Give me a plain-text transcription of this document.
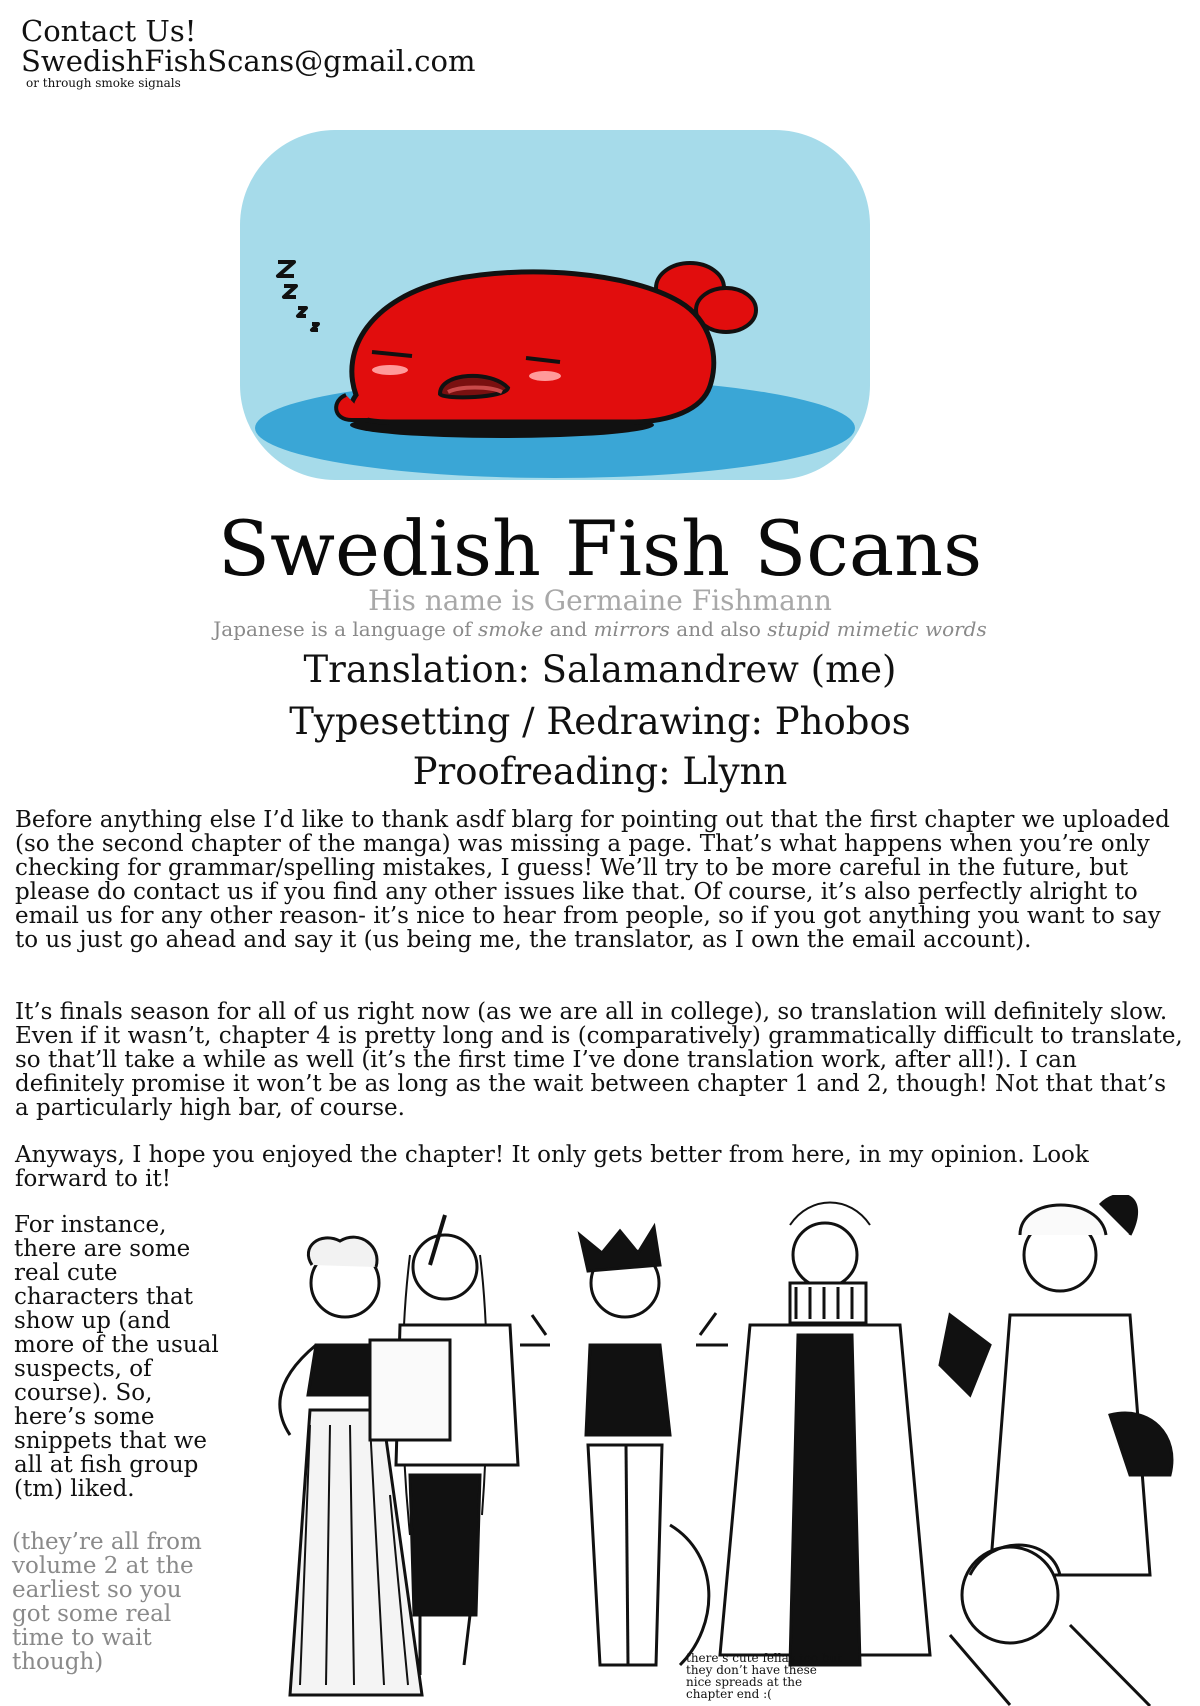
Contact Us!
SwedishFishScans@gmail.com
or through smoke signals
Swedish Fish Scans
His name is Germaine Fishmann
Japanese is a language of smoke and mirrors and also stupid mimetic words
Translation: Salamandrew (me)
Typesetting / Redrawing: Phobos
Proofreading: Llynn
Before anything else I’d like to thank asdf blarg for pointing out that the first chapter we uploaded (so the second chapter of the manga) was missing a page. That’s what happens when you’re only checking for grammar/spelling mistakes, I guess! We’ll try to be more careful in the future, but please do contact us if you find any other issues like that. Of course, it’s also perfectly alright to email us for any other reason- it’s nice to hear from people, so if you got anything you want to say to us just go ahead and say it (us being me, the translator, as I own the email account).
It’s finals season for all of us right now (as we are all in college), so translation will definitely slow. Even if it wasn’t, chapter 4 is pretty long and is (comparatively) grammatically difficult to translate, so that’ll take a while as well (it’s the first time I’ve done translation work, after all!). I can definitely promise it won’t be as long as the wait between chapter 1 and 2, though! Not that that’s a particularly high bar, of course.
Anyways, I hope you enjoyed the chapter! It only gets better from here, in my opinion. Look forward to it!
For instance, there are some real cute characters that show up (and more of the usual suspects, of course). So, here’s some snippets that we all at fish group (tm) liked.
(they’re all from volume 2 at the earliest so you got some real time to wait though)	there’s cute fellas too but they don’t have these nice spreads at the chapter end :(
